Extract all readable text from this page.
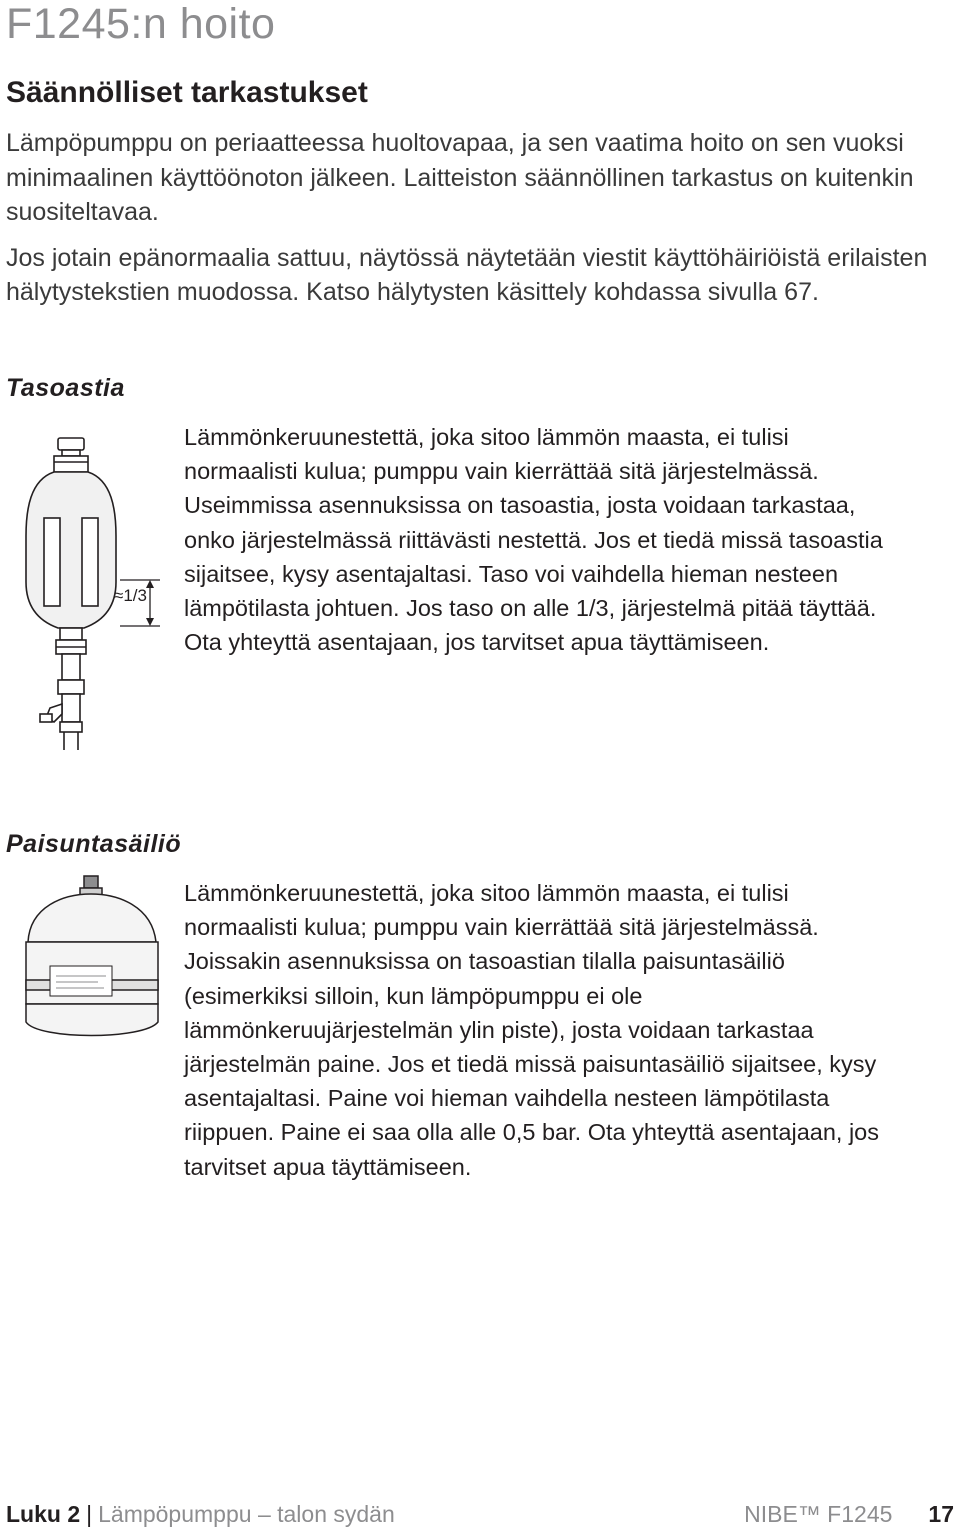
F1245:n hoito
Säännölliset tarkastukset

Lämpöpumppu on periaatteessa huoltovapaa, ja sen vaatima hoito on sen vuoksi minimaalinen käyttöönoton jälkeen. Laitteiston säännöllinen tarkastus on kuitenkin suositeltavaa.

Jos jotain epänormaalia sattuu, näytössä näytetään viestit käyttöhäiriöistä erilaisten hälytystekstien muodossa. Katso hälytysten käsittely kohdassa sivulla 67.

Tasoastia
≈1/3

Lämmönkeruunestettä, joka sitoo lämmön maasta, ei tulisi normaalisti kulua; pumppu vain kierrättää sitä järjestelmässä. Useimmissa asennuksissa on tasoastia, josta voidaan tarkastaa, onko järjestelmässä riittävästi nestettä. Jos et tiedä missä tasoastia sijaitsee, kysy asentajaltasi. Taso voi vaihdella hieman nesteen lämpötilasta johtuen. Jos taso on alle 1/3, järjestelmä pitää täyttää. Ota yhteyttä asentajaan, jos tarvitset apua täyttämiseen.

Paisuntasäiliö

Lämmönkeruunestettä, joka sitoo lämmön maasta, ei tulisi normaalisti kulua; pumppu vain kierrättää sitä järjestelmässä. Joissakin asennuksissa on tasoastian tilalla paisuntasäiliö (esimerkiksi silloin, kun lämpöpumppu ei ole lämmönkeruujärjestelmän ylin piste), josta voidaan tarkastaa järjestelmän paine. Jos et tiedä missä paisuntasäiliö sijaitsee, kysy asentajaltasi. Paine voi hieman vaihdella nesteen lämpötilasta riippuen. Paine ei saa olla alle 0,5 bar. Ota yhteyttä asentajaan, jos tarvitset apua täyttämiseen.

Luku 2 | Lämpöpumppu – talon sydän	NIBE™ F1245 17
